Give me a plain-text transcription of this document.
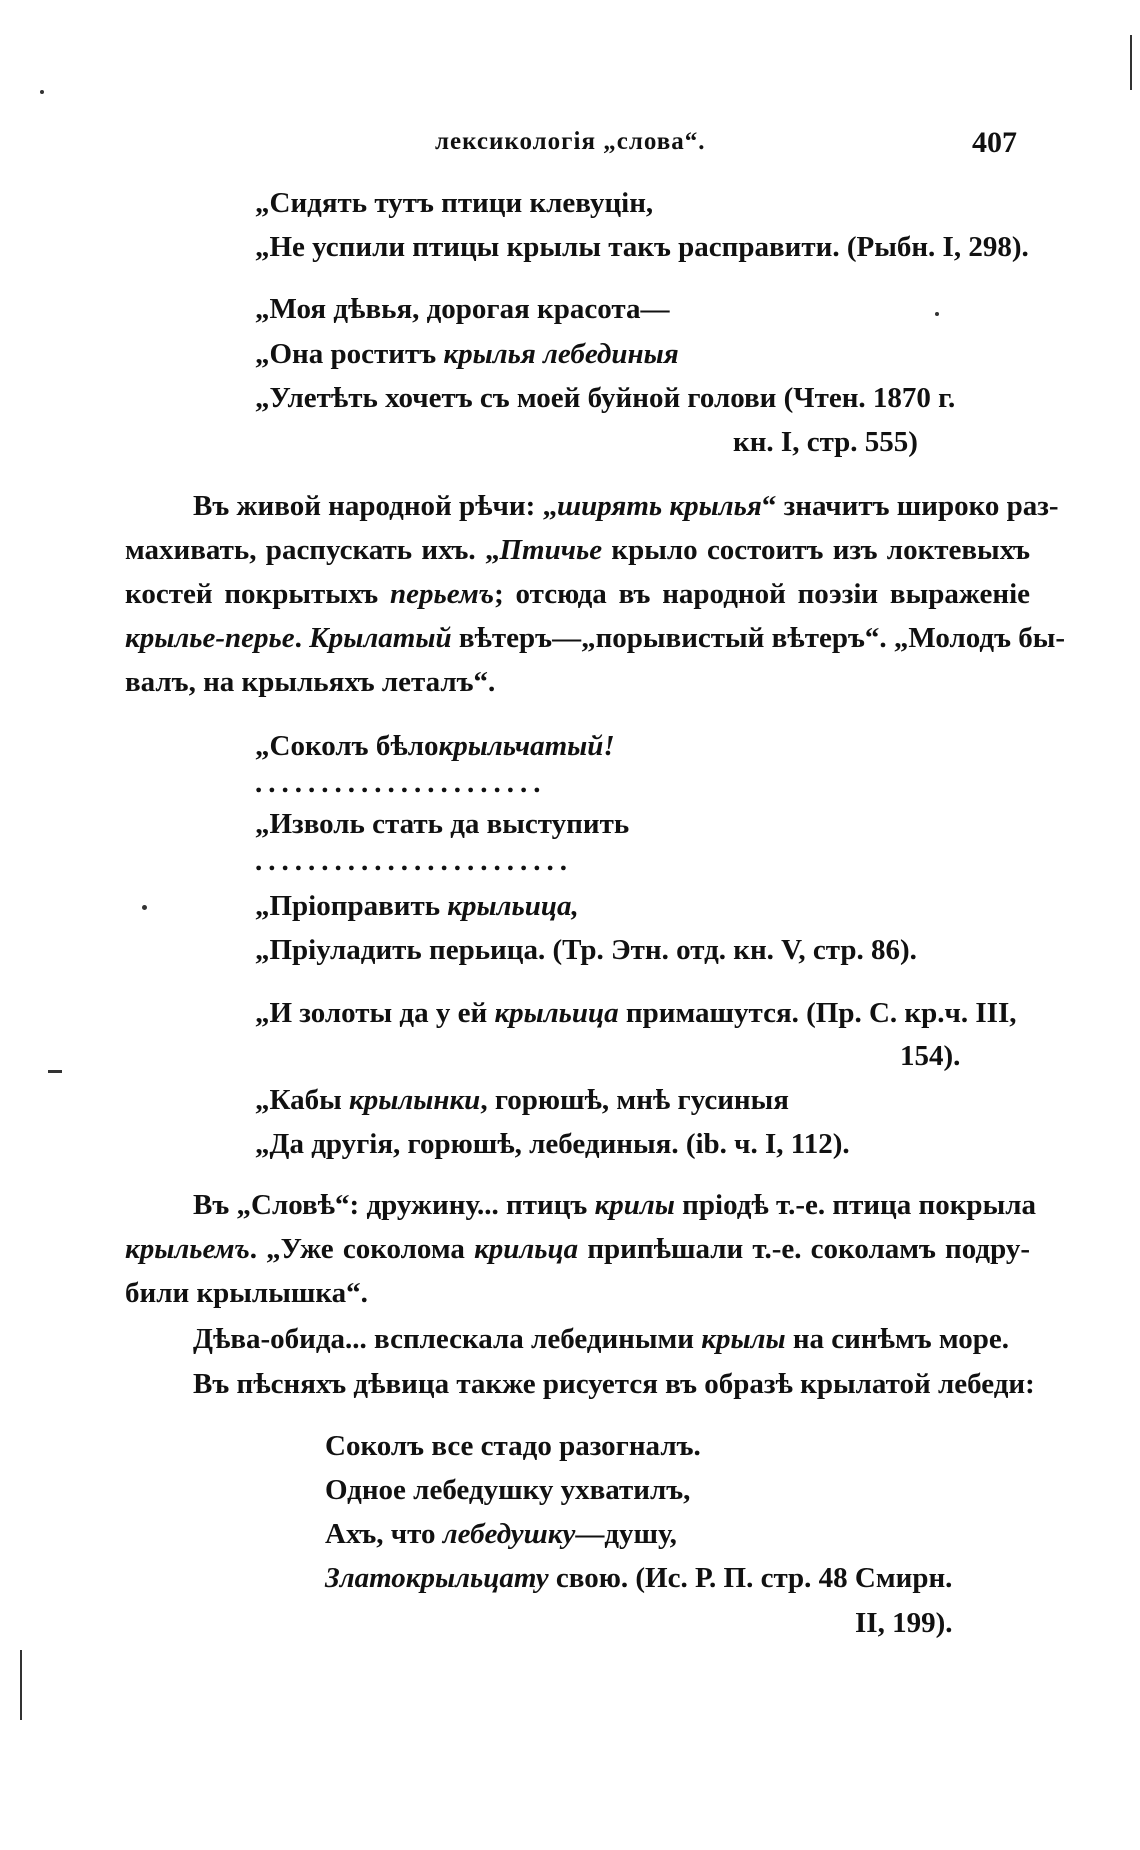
лексикологія „слова“.	407
„Сидять тутъ птици клевуцін,
„Не успили птицы крылы такъ расправити. (Рыбн. I, 298).
„Моя дѣвья, дорогая красота—
„Она роститъ крылья лебединыя
„Улетѣть хочетъ съ моей буйной голови (Чтен. 1870 г.
кн. I, стр. 555)
Въ живой народной рѣчи: „ширять крылья“ значитъ широко раз-
махивать, распускать ихъ. „Птичье крыло состоитъ изъ локтевыхъ
костей покрытыхъ перьемъ; отсюда въ народной поэзіи выраженіе
крылье-перье. Крылатый вѣтеръ—„порывистый вѣтеръ“. „Молодъ бы-
валъ, на крыльяхъ леталъ“.
„Соколъ бѣлокрыльчатый!
......................
„Изволь стать да выступить
........................
„Пріоправить крыльица,
„Пріуладить перьица. (Тр. Этн. отд. кн. V, стр. 86).
„И золоты да у ей крыльица примашутся. (Пр. С. кр.ч. III,
154).
„Кабы крылынки, горюшѣ, мнѣ гусиныя
„Да другія, горюшѣ, лебединыя. (ib. ч. I, 112).
Въ „Словѣ“: дружину... птицъ крилы пріодѣ т.-е. птица покрыла
крыльемъ. „Уже соколома крильца припѣшали т.-е. соколамъ подру-
били крылышка“.
Дѣва-обида... всплескала лебедиными крылы на синѣмъ море.
Въ пѣсняхъ дѣвица также рисуется въ образѣ крылатой лебеди:
Соколъ все стадо разогналъ.
Одное лебедушку ухватилъ,
Ахъ, что лебедушку—душу,
Златокрыльцату свою. (Ис. Р. П. стр. 48 Смирн.
II, 199).
